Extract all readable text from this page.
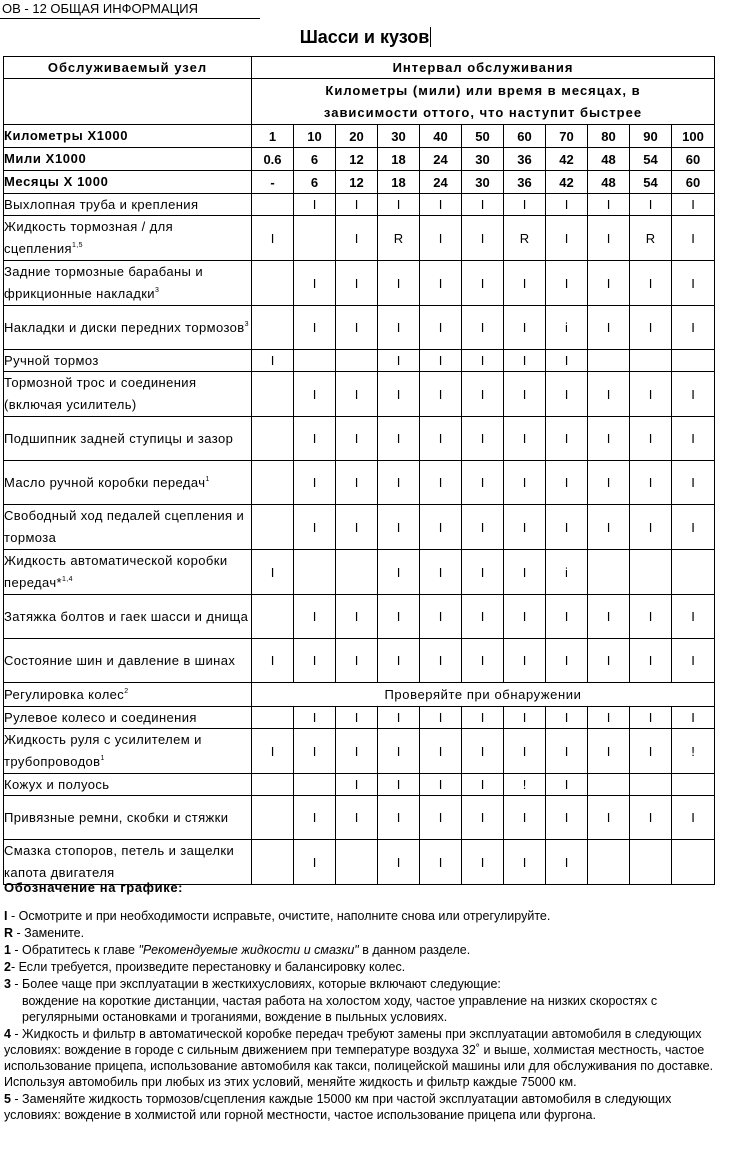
ОВ - 12 ОБЩАЯ ИНФОРМАЦИЯ
Шасси и кузов
Обслуживаемый узел	Интервал обслуживания										
	Километры (мили) или время в месяцах, в зависимости оттого, что наступит быстрее										
Километры Х1000	1	10	20	30	40	50	60	70	80	90	100
Мили Х1000	0.6	6	12	18	24	30	36	42	48	54	60
Месяцы Х 1000	-	6	12	18	24	30	36	42	48	54	60
Выхлопная труба и крепления		I	I	I	I	I	I	I	I	I	I
Жидкость тормозная / для сцепления$^{1,5}$	I		I	R	I	I	R	I	I	R	I
Задние тормозные барабаны и фрикционные накладки$^3$		I	I	I	I	I	I	I	I	I	I
Накладки и диски передних тормозов$^3$		I	I	I	I	I	I	i	I	I	I
Ручной тормоз	I			I	I	I	I	I			
Тормозной трос и соединения (включая усилитель)		I	I	I	I	I	I	I	I	I	I
Подшипник задней ступицы и зазор		I	I	I	I	I	I	I	I	I	I
Масло ручной коробки передач$^1$		I	I	I	I	I	I	I	I	I	I
Свободный ход педалей сцепления и тормоза		I	I	I	I	I	I	I	I	I	I
Жидкость автоматической коробки передач*$^{1,4}$	I			I	I	I	I	i			
Затяжка болтов и гаек шасси и днища		I	I	I	I	I	I	I	I	I	I
Состояние шин и давление в шинах	I	I	I	I	I	I	I	I	I	I	I
Регулировка колес$^2$	Проверяйте при обнаружении										
Рулевое колесо и соединения		I	I	I	I	I	I	I	I	I	I
Жидкость руля с усилителем и трубопроводов$^1$	I	I	I	I	I	I	I	I	I	I	!
Кожух и полуось			I	I	I	I	!	I			
Привязные ремни, скобки и стяжки		I	I	I	I	I	I	I	I	I	I
Смазка стопоров, петель и защелки капота двигателя		I		I	I	I	I	I			
Обозначение на графике:
I - Осмотрите и при необходимости исправьте, очистите, наполните снова или отрегулируйте.
R - Замените.
1 - Обратитесь к главе "Рекомендуемые жидкости и смазки" в данном разделе.
2- Если требуется, произведите перестановку и балансировку колес.
3 - Более чаще при эксплуатации в жесткихусловиях, которые включают следующие:
вождение на короткие дистанции, частая работа на холостом ходу, частое управление на низких скоростях с регулярными остановками и троганиями, вождение в пыльных условиях.
4 - Жидкость и фильтр в автоматической коробке передач требуют замены при эксплуатации автомобиля в следующих условиях: вождение в городе с сильным движением при температуре воздуха 32˚ и выше, холмистая местность, частое использование прицепа, использование автомобиля как такси, полицейской машины или для обслуживания по доставке. Используя автомобиль при любых из этих условий, меняйте жидкость и фильтр каждые 75000 км.
5 - Заменяйте жидкость тормозов/сцепления каждые 15000 км при частой эксплуатации автомобиля в следующих условиях: вождение в холмистой или горной местности, частое использование прицепа или фургона.
